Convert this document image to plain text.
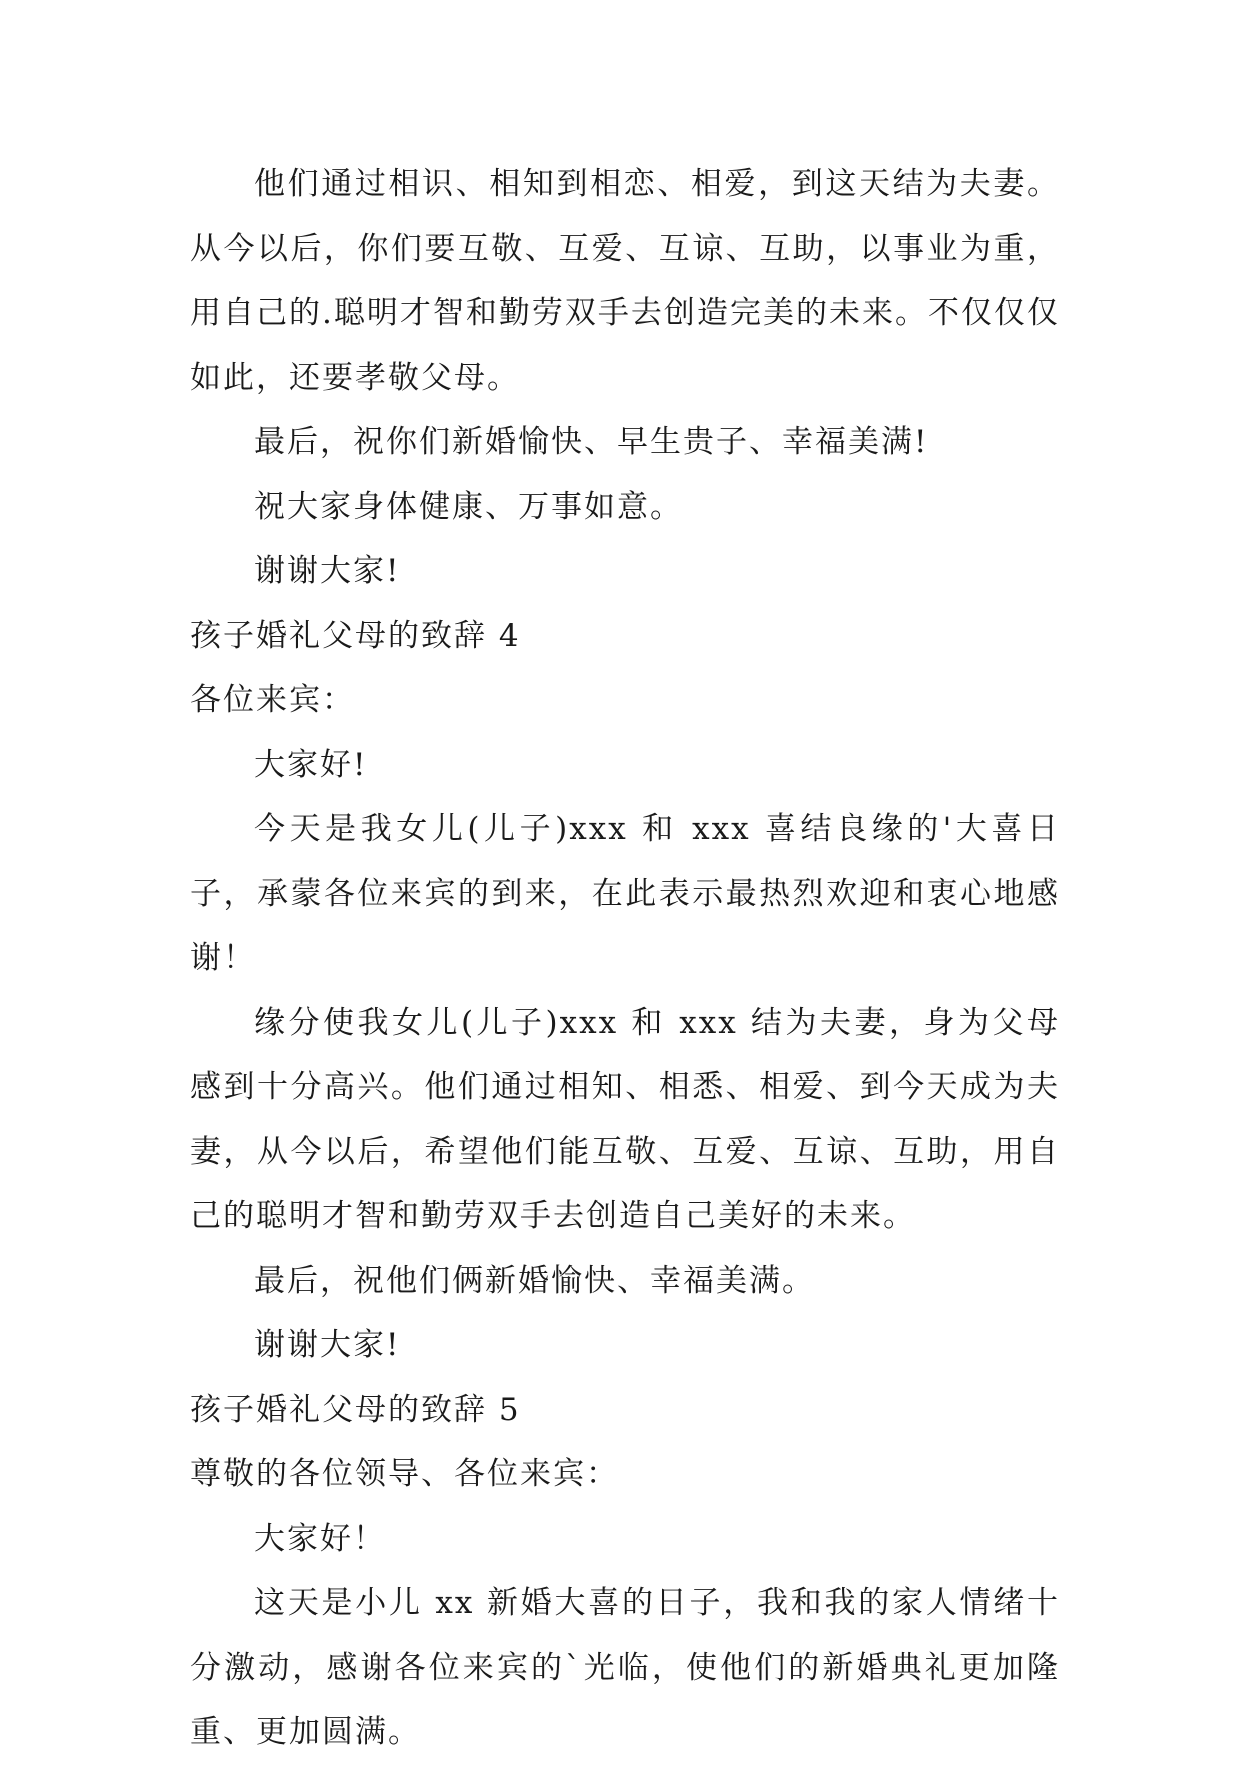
他们通过相识、相知到相恋、相爱，到这天结为夫妻。从今以后，你们要互敬、互爱、互谅、互助，以事业为重，用自己的.聪明才智和勤劳双手去创造完美的未来。不仅仅仅如此，还要孝敬父母。

最后，祝你们新婚愉快、早生贵子、幸福美满!

祝大家身体健康、万事如意。

谢谢大家!

孩子婚礼父母的致辞 4

各位来宾：

大家好!

今天是我女儿(儿子)xxx 和 xxx 喜结良缘的'大喜日子，承蒙各位来宾的到来，在此表示最热烈欢迎和衷心地感谢！

缘分使我女儿(儿子)xxx 和 xxx 结为夫妻，身为父母感到十分高兴。他们通过相知、相悉、相爱、到今天成为夫妻，从今以后，希望他们能互敬、互爱、互谅、互助，用自己的聪明才智和勤劳双手去创造自己美好的未来。

最后，祝他们俩新婚愉快、幸福美满。

谢谢大家!

孩子婚礼父母的致辞 5

尊敬的各位领导、各位来宾：

大家好！

这天是小儿 xx 新婚大喜的日子，我和我的家人情绪十分激动，感谢各位来宾的`光临，使他们的新婚典礼更加隆重、更加圆满。
